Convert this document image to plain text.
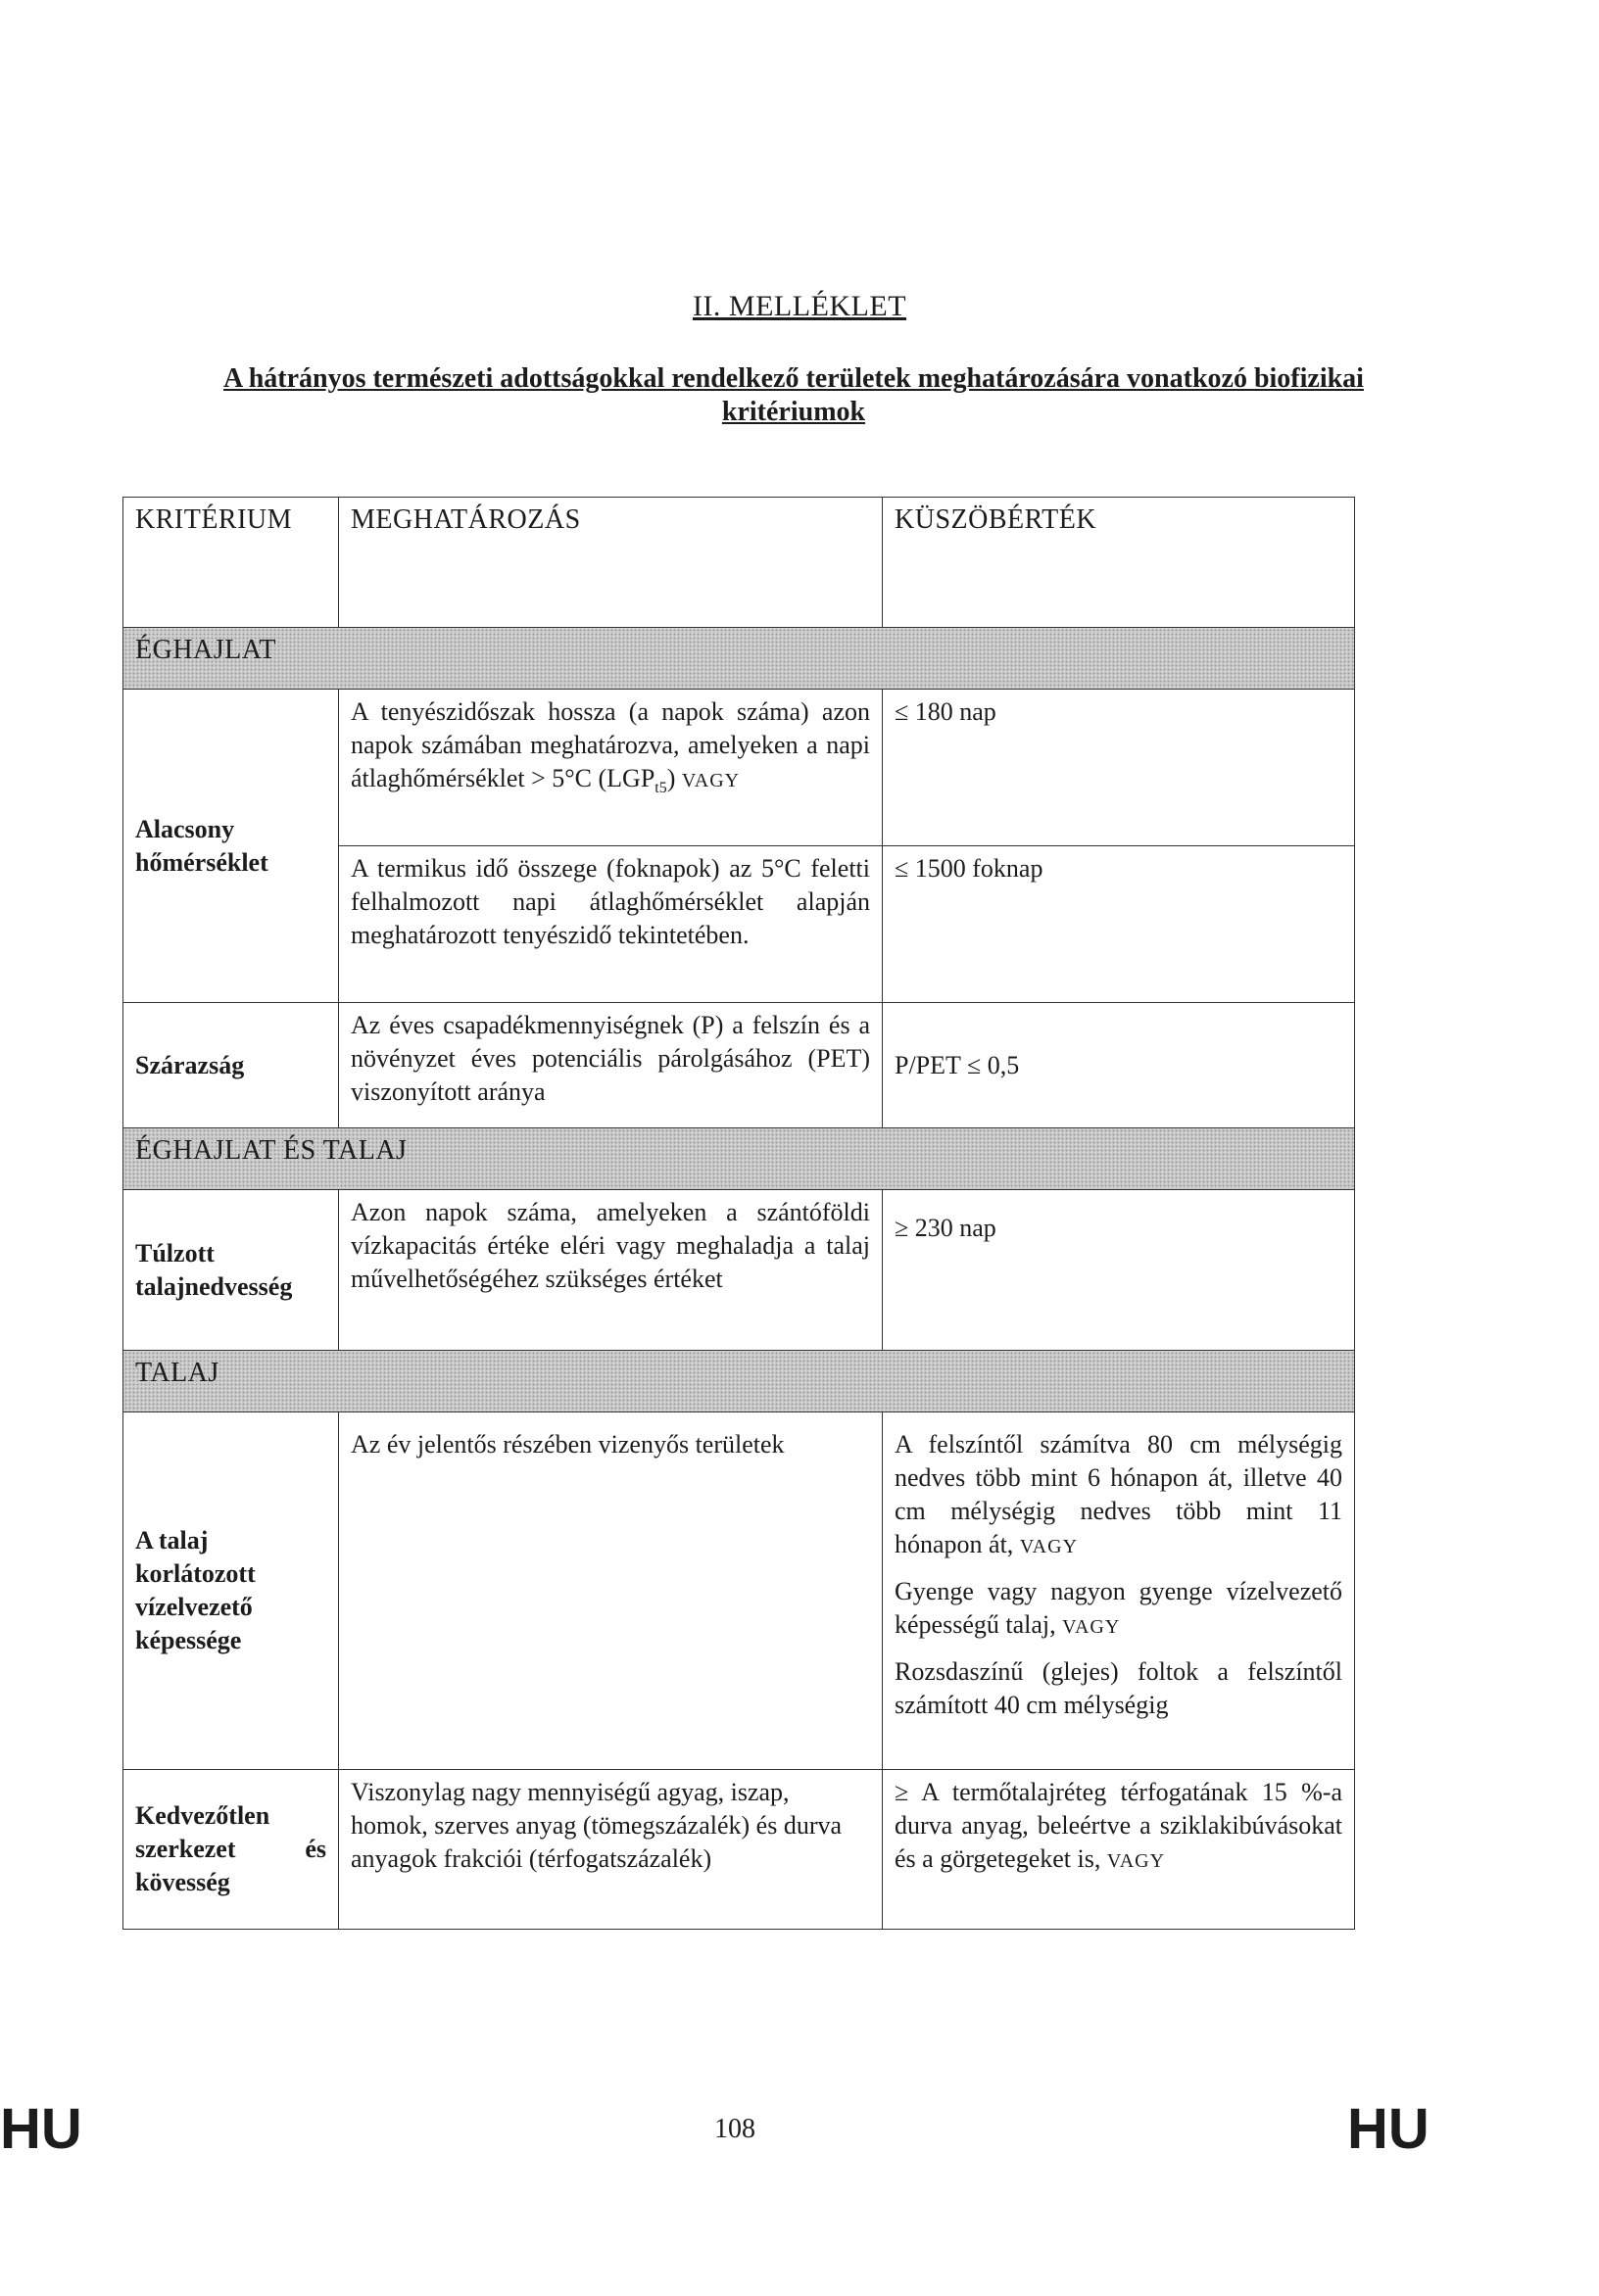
II. MELLÉKLET
A hátrányos természeti adottságokkal rendelkező területek meghatározására vonatkozó biofizikai kritériumok
KRITÉRIUM	MEGHATÁROZÁS	KÜSZÖBÉRTÉK
ÉGHAJLAT		
Alacsony hőmérséklet	A tenyészidőszak hossza (a napok száma) azon napok számában meghatározva, amelyeken a napi átlaghőmérséklet > 5°C $(LGP_{t5})$ VAGY	≤ 180 nap
	A termikus idő összege (foknapok) az 5°C feletti felhalmozott napi átlaghőmérséklet alapján meghatározott tenyészidő tekintetében.	≤ 1500 foknap
Szárazság	Az éves csapadékmennyiségnek (P) a felszín és a növényzet éves potenciális párolgásához (PET) viszonyított aránya	P/PET ≤ 0,5
ÉGHAJLAT ÉS TALAJ		
Túlzott talajnedvesség	Azon napok száma, amelyeken a szántóföldi vízkapacitás értéke eléri vagy meghaladja a talaj művelhetőségéhez szükséges értéket	≥ 230 nap
TALAJ		
A talaj korlátozott vízelvezető képessége	Az év jelentős részében vizenyős területek	A felszíntől számítva 80 cm mélységig nedves több mint 6 hónapon át, illetve 40 cm mélységig nedves több mint 11 hónapon át, VAGY
Gyenge vagy nagyon gyenge vízelvezető képességű talaj, VAGY
Rozsdaszínű (glejes) foltok a felszíntől számított 40 cm mélységig

Kedvezőtlen szerkezet és kövesség	Viszonylag nagy mennyiségű agyag, iszap, homok, szerves anyag (tömegszázalék) és durva anyagok frakciói (térfogatszázalék)	≥ A termőtalajréteg térfogatának 15 %-a durva anyag, beleértve a sziklakibúvásokat és a görgetegeket is, VAGY
HU	108	HU
